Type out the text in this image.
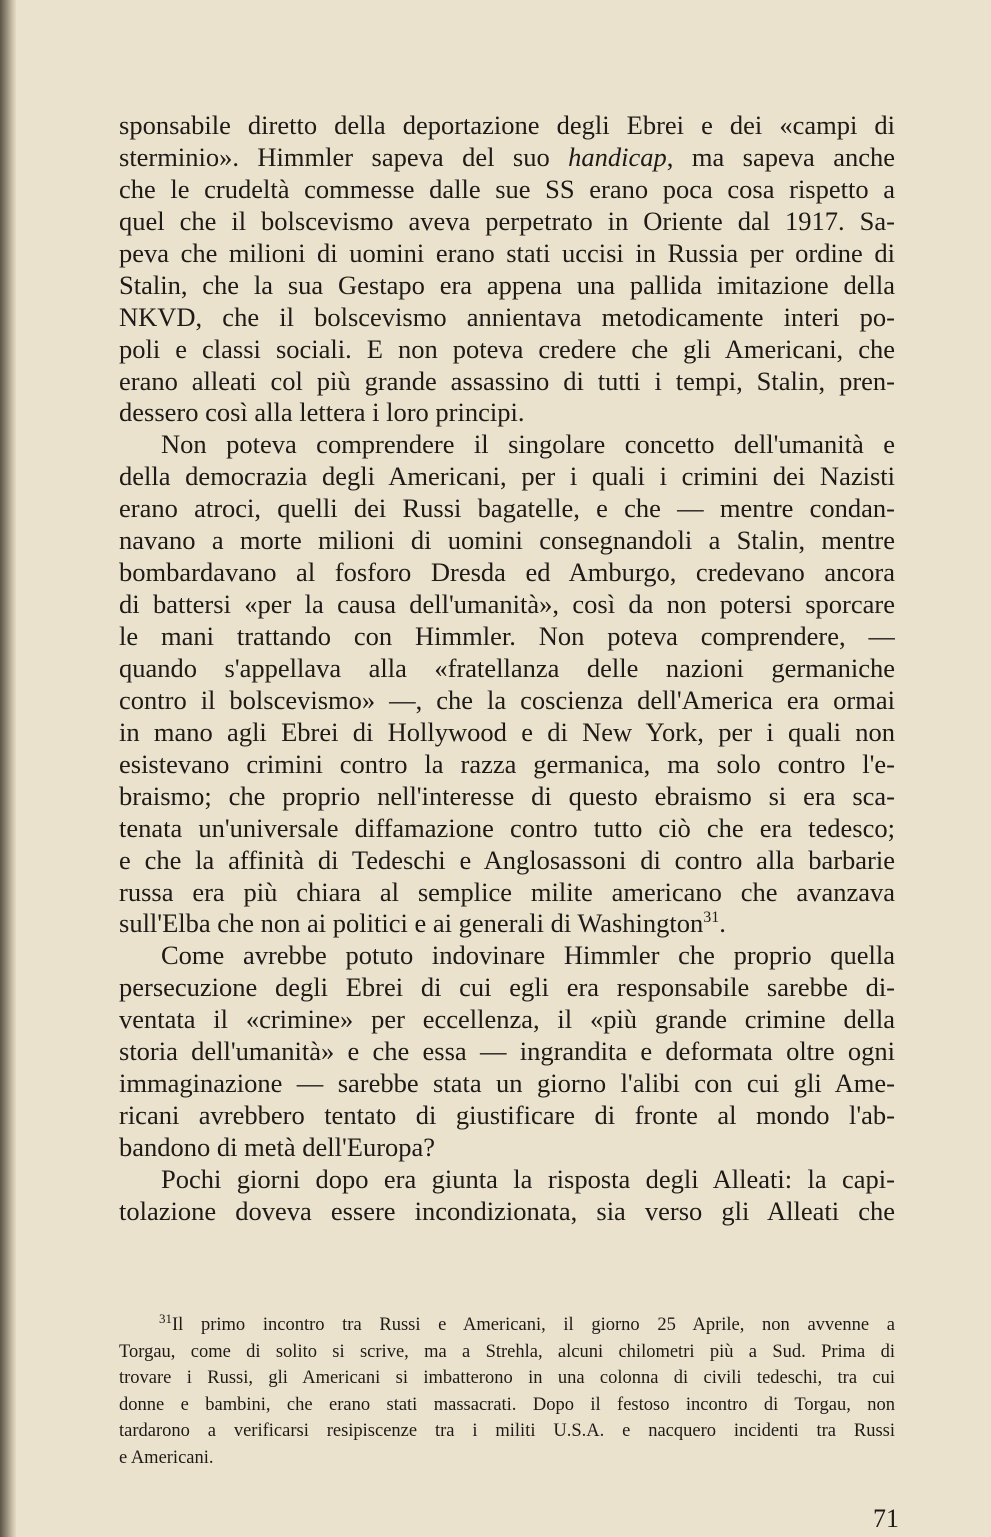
sponsabile diretto della deportazione degli Ebrei e dei «campi di
sterminio». Himmler sapeva del suo handicap, ma sapeva anche
che le crudeltà commesse dalle sue SS erano poca cosa rispetto a
quel che il bolscevismo aveva perpetrato in Oriente dal 1917. Sa-
peva che milioni di uomini erano stati uccisi in Russia per ordine di
Stalin, che la sua Gestapo era appena una pallida imitazione della
NKVD, che il bolscevismo annientava metodicamente interi po-
poli e classi sociali. E non poteva credere che gli Americani, che
erano alleati col più grande assassino di tutti i tempi, Stalin, pren-
dessero così alla lettera i loro principi.
Non poteva comprendere il singolare concetto dell'umanità e
della democrazia degli Americani, per i quali i crimini dei Nazisti
erano atroci, quelli dei Russi bagatelle, e che — mentre condan-
navano a morte milioni di uomini consegnandoli a Stalin, mentre
bombardavano al fosforo Dresda ed Amburgo, credevano ancora
di battersi «per la causa dell'umanità», così da non potersi sporcare
le mani trattando con Himmler. Non poteva comprendere, —
quando s'appellava alla «fratellanza delle nazioni germaniche
contro il bolscevismo» —, che la coscienza dell'America era ormai
in mano agli Ebrei di Hollywood e di New York, per i quali non
esistevano crimini contro la razza germanica, ma solo contro l'e-
braismo; che proprio nell'interesse di questo ebraismo si era sca-
tenata un'universale diffamazione contro tutto ciò che era tedesco;
e che la affinità di Tedeschi e Anglosassoni di contro alla barbarie
russa era più chiara al semplice milite americano che avanzava
sull'Elba che non ai politici e ai generali di Washington$^{31}$.
Come avrebbe potuto indovinare Himmler che proprio quella
persecuzione degli Ebrei di cui egli era responsabile sarebbe di-
ventata il «crimine» per eccellenza, il «più grande crimine della
storia dell'umanità» e che essa — ingrandita e deformata oltre ogni
immaginazione — sarebbe stata un giorno l'alibi con cui gli Ame-
ricani avrebbero tentato di giustificare di fronte al mondo l'ab-
bandono di metà dell'Europa?
Pochi giorni dopo era giunta la risposta degli Alleati: la capi-
tolazione doveva essere incondizionata, sia verso gli Alleati che
$^{31}$Il primo incontro tra Russi e Americani, il giorno 25 Aprile, non avvenne a
Torgau, come di solito si scrive, ma a Strehla, alcuni chilometri più a Sud. Prima di
trovare i Russi, gli Americani si imbatterono in una colonna di civili tedeschi, tra cui
donne e bambini, che erano stati massacrati. Dopo il festoso incontro di Torgau, non
tardarono a verificarsi resipiscenze tra i militi U.S.A. e nacquero incidenti tra Russi
e Americani.
71
